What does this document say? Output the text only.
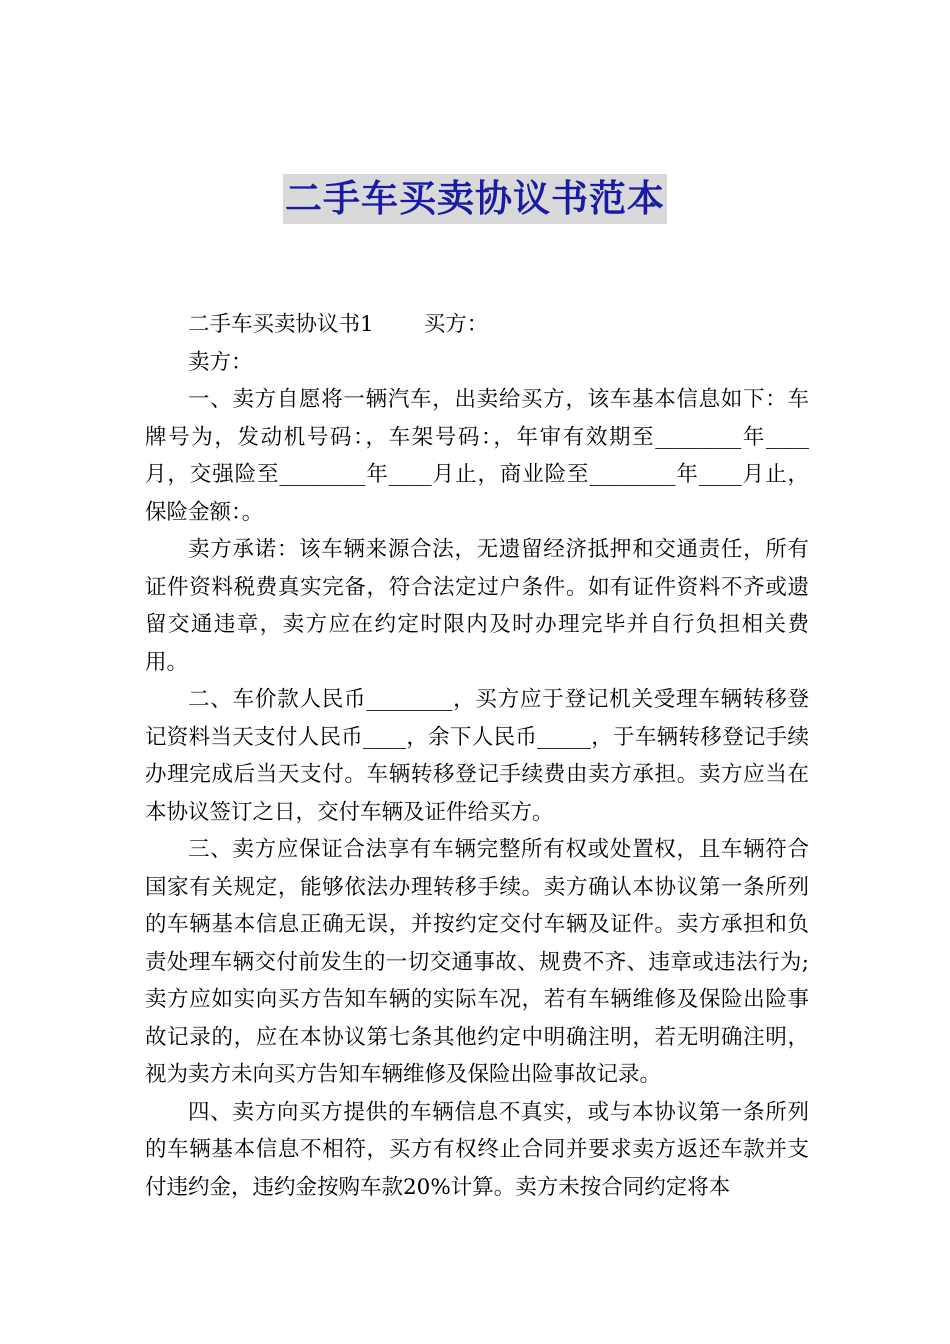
二手车买卖协议书范本

二手车买卖协议书1 买方：

卖方：

一、卖方自愿将一辆汽车，出卖给买方，该车基本信息如下：车牌号为，发动机号码：，车架号码：，年审有效期至________年____月，交强险至________年____月止，商业险至________年____月止，保险金额：。

卖方承诺：该车辆来源合法，无遗留经济抵押和交通责任，所有证件资料税费真实完备，符合法定过户条件。如有证件资料不齐或遗留交通违章，卖方应在约定时限内及时办理完毕并自行负担相关费用。

二、车价款人民币________，买方应于登记机关受理车辆转移登记资料当天支付人民币____，余下人民币_____，于车辆转移登记手续办理完成后当天支付。车辆转移登记手续费由卖方承担。卖方应当在本协议签订之日，交付车辆及证件给买方。

三、卖方应保证合法享有车辆完整所有权或处置权，且车辆符合国家有关规定，能够依法办理转移手续。卖方确认本协议第一条所列的车辆基本信息正确无误，并按约定交付车辆及证件。卖方承担和负责处理车辆交付前发生的一切交通事故、规费不齐、违章或违法行为;卖方应如实向买方告知车辆的实际车况，若有车辆维修及保险出险事故记录的，应在本协议第七条其他约定中明确注明，若无明确注明，视为卖方未向买方告知车辆维修及保险出险事故记录。

四、卖方向买方提供的车辆信息不真实，或与本协议第一条所列的车辆基本信息不相符，买方有权终止合同并要求卖方返还车款并支付违约金，违约金按购车款20%计算。卖方未按合同约定将本
